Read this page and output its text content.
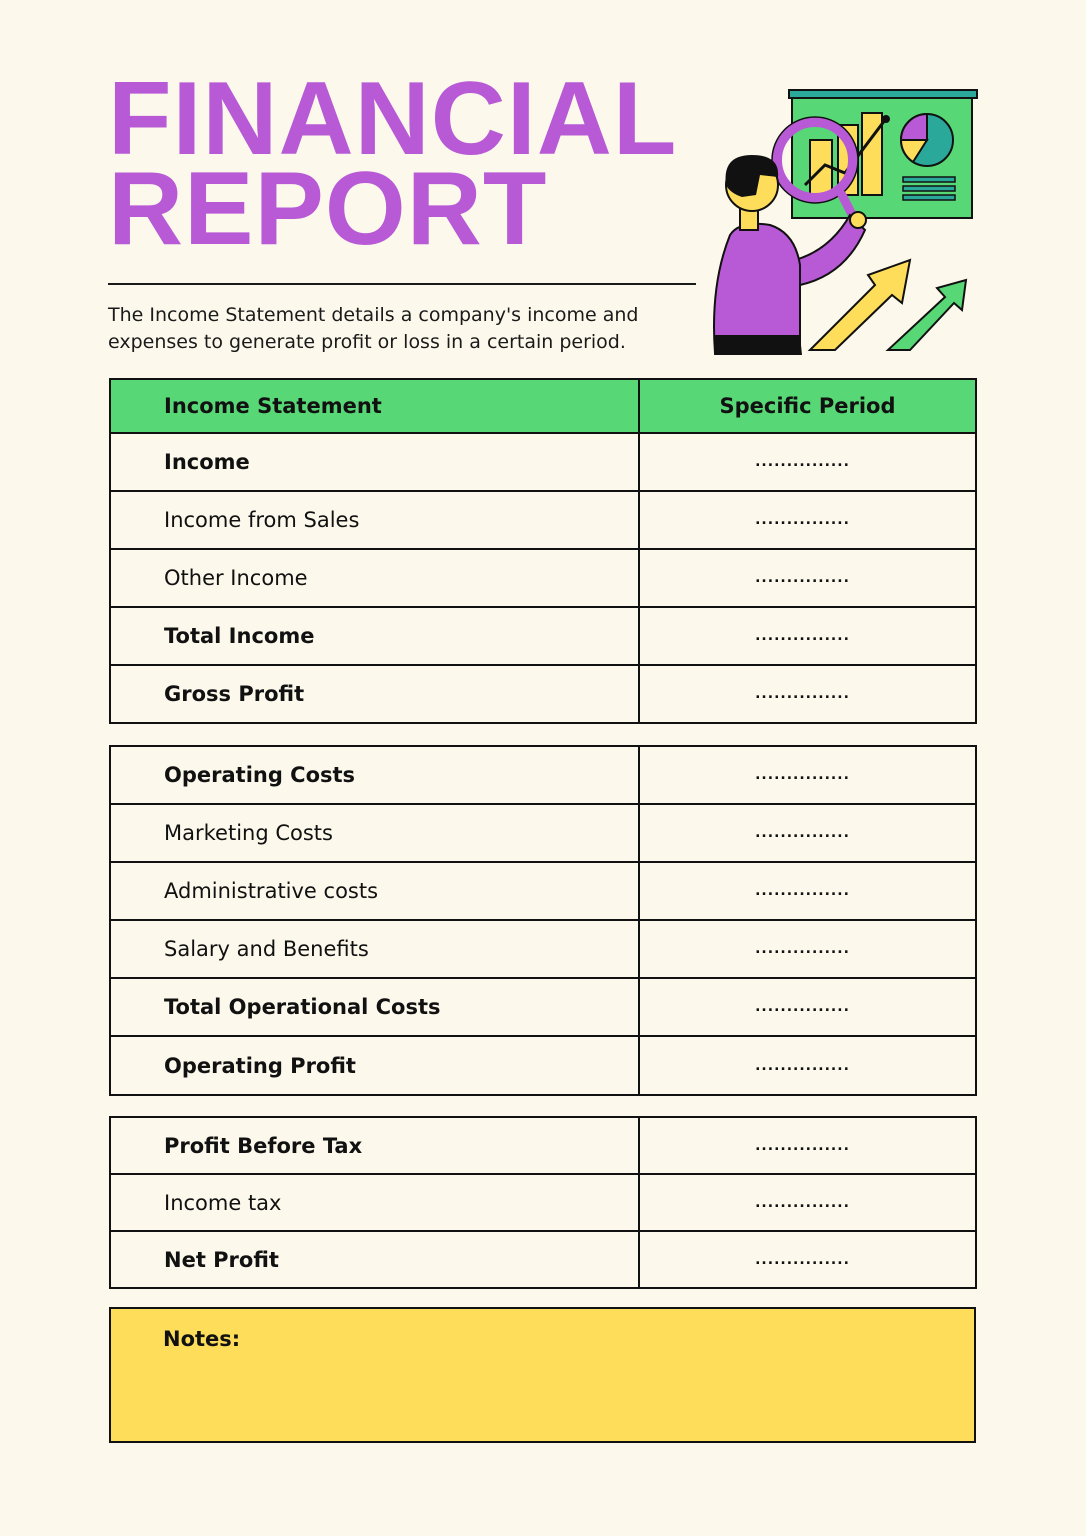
FINANCIAL
REPORT

The Income Statement details a company's income and expenses to generate profit or loss in a certain period.

Income Statement	Specific Period
Income	...............
Income from Sales	...............
Other Income	...............
Total Income	...............
Gross Profit	...............
Operating Costs	...............
Marketing Costs	...............
Administrative costs	...............
Salary and Benefits	...............
Total Operational Costs	...............
Operating Profit	...............
Profit Before Tax	...............
Income tax	...............
Net Profit	...............
Notes:
